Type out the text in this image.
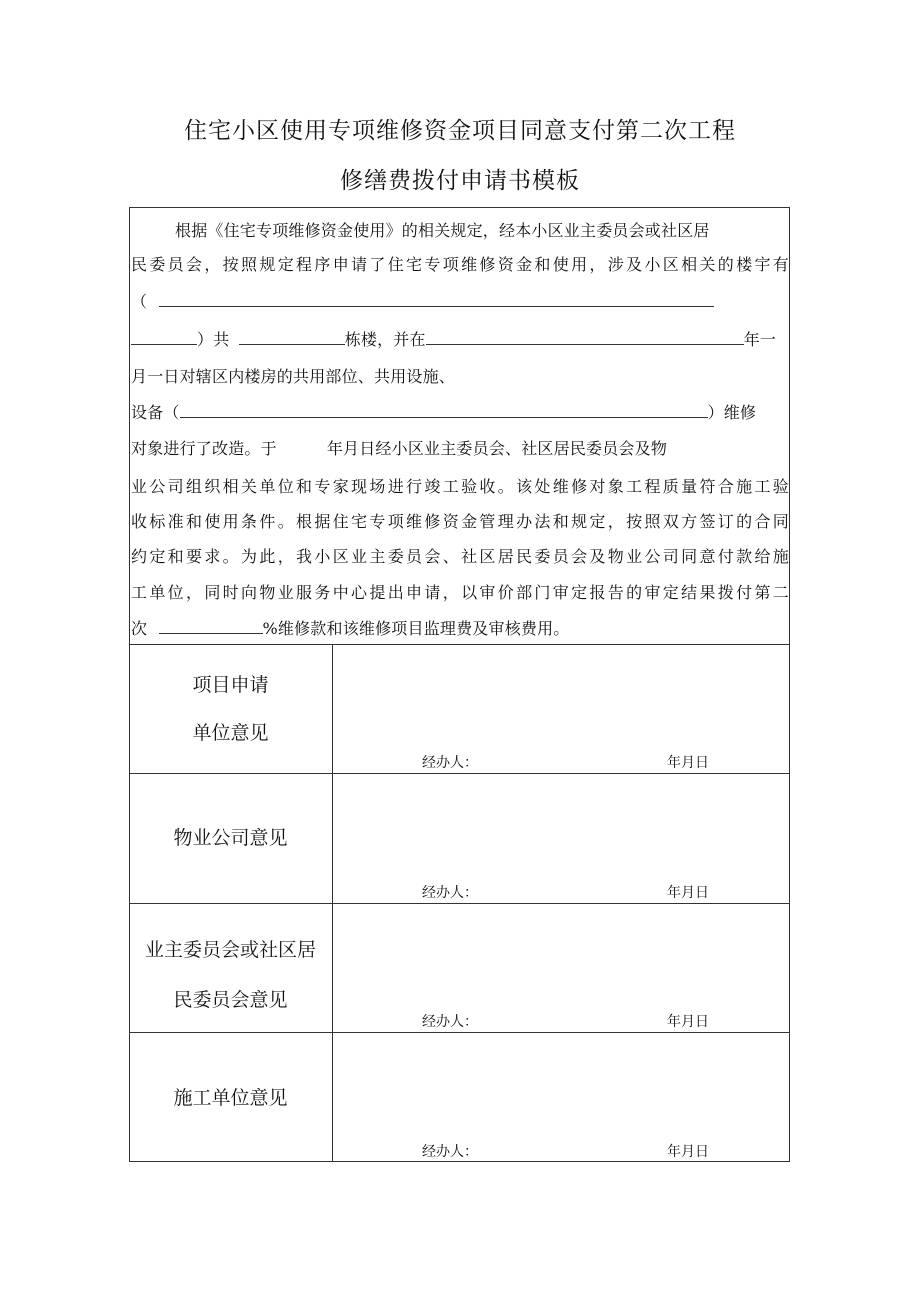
住宅小区使用专项维修资金项目同意支付第二次工程
修缮费拨付申请书模板
根据《住宅专项维修资金使用》的相关规定，经本小区业主委员会或社区居
民委员会，按照规定程序申请了住宅专项维修资金和使用，涉及小区相关的楼宇有
（
）共	栋楼，并在	年一
月一日对辖区内楼房的共用部位、共用设施、
设备（	）维修
对象进行了改造。于	年月日经小区业主委员会、社区居民委员会及物
业公司组织相关单位和专家现场进行竣工验收。该处维修对象工程质量符合施工验
收标准和使用条件。根据住宅专项维修资金管理办法和规定，按照双方签订的合同
约定和要求。为此，我小区业主委员会、社区居民委员会及物业公司同意付款给施
工单位，同时向物业服务中心提出申请，以审价部门审定报告的审定结果拨付第二
次	%维修款和该维修项目监理费及审核费用。
项目申请
单位意见
经办人：	年月日
物业公司意见
经办人：	年月日
业主委员会或社区居
民委员会意见
经办人：	年月日
施工单位意见
经办人：	年月日
